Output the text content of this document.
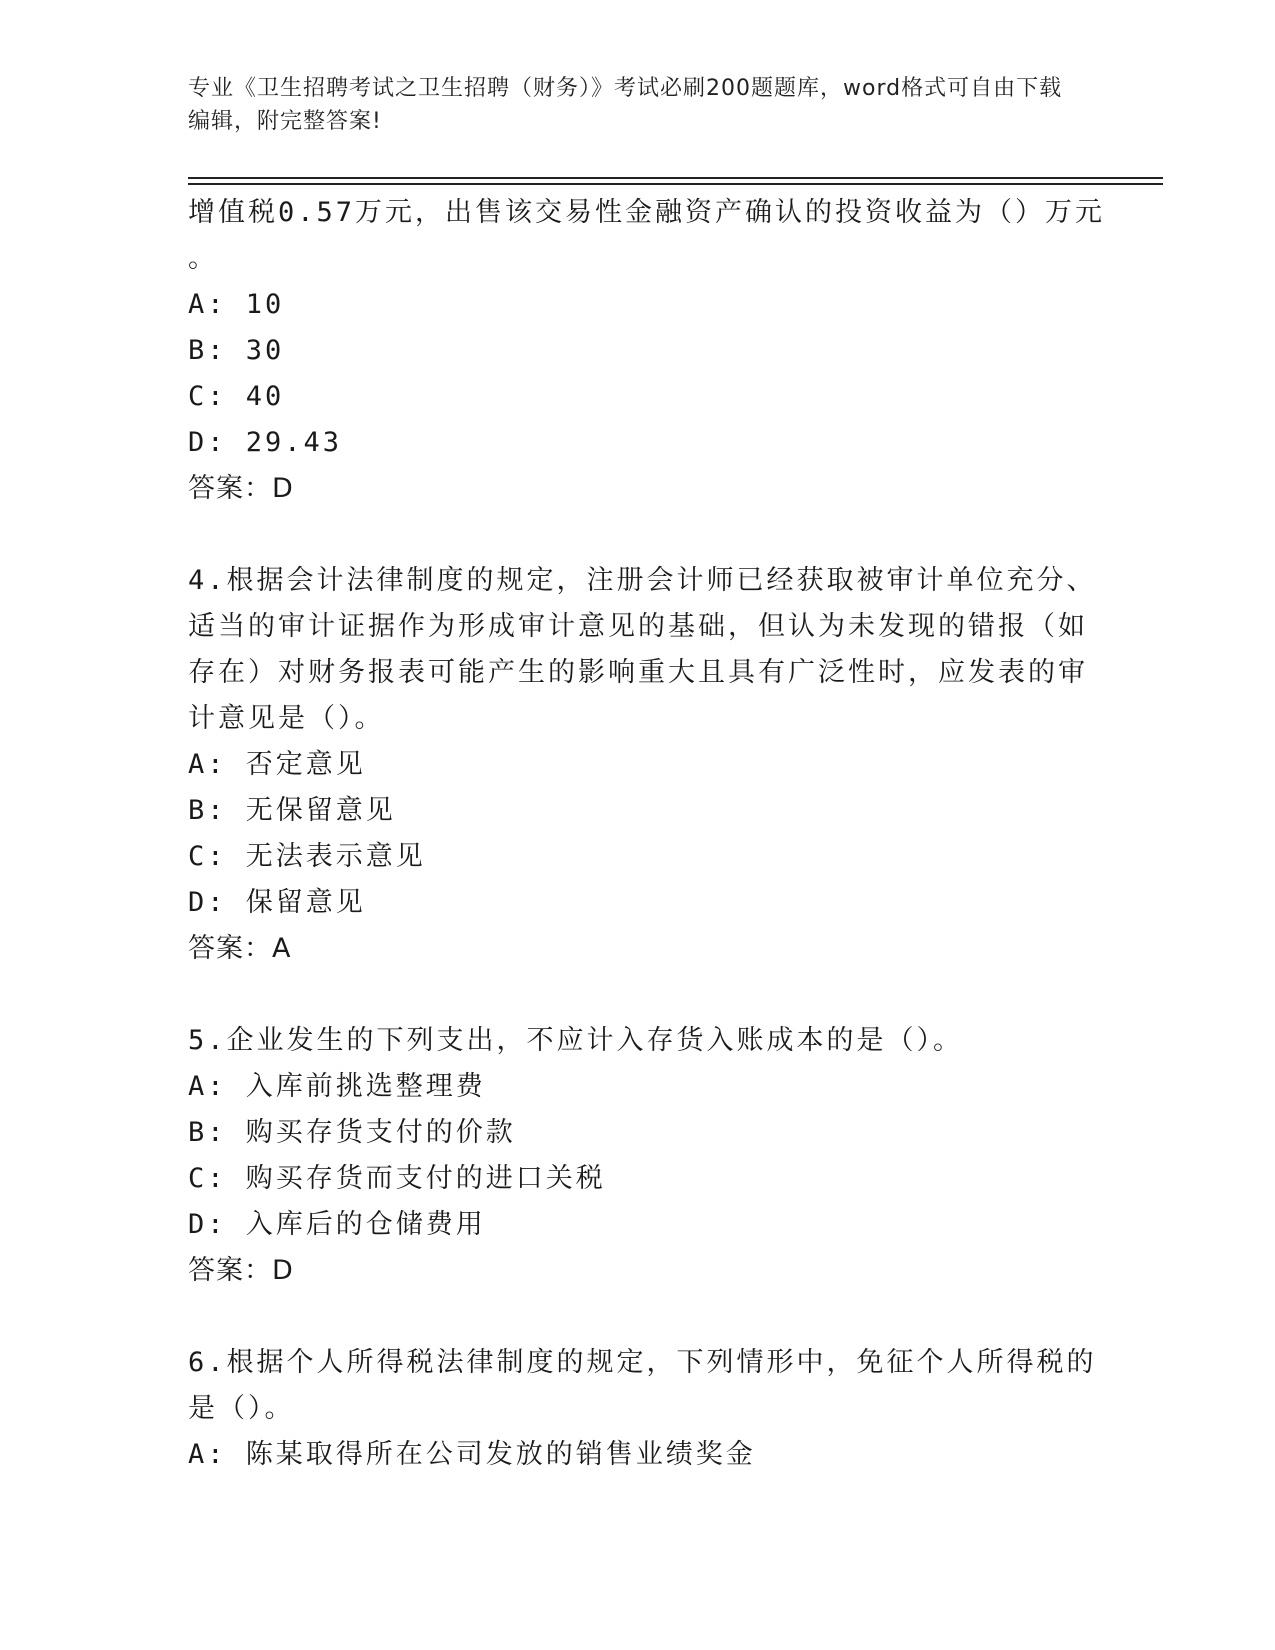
专业《卫生招聘考试之卫生招聘（财务）》考试必刷200题题库，word格式可自由下载编辑，附完整答案!
增值税0.57万元，出售该交易性金融资产确认的投资收益为（）万元
。
A: 10
B: 30
C: 40
D: 29.43
答案：D
4.根据会计法律制度的规定，注册会计师已经获取被审计单位充分、
适当的审计证据作为形成审计意见的基础，但认为未发现的错报（如
存在）对财务报表可能产生的影响重大且具有广泛性时，应发表的审
计意见是（）。
A: 否定意见
B: 无保留意见
C: 无法表示意见
D: 保留意见
答案：A
5.企业发生的下列支出，不应计入存货入账成本的是（）。
A: 入库前挑选整理费
B: 购买存货支付的价款
C: 购买存货而支付的进口关税
D: 入库后的仓储费用
答案：D
6.根据个人所得税法律制度的规定，下列情形中，免征个人所得税的
是（）。
A: 陈某取得所在公司发放的销售业绩奖金
